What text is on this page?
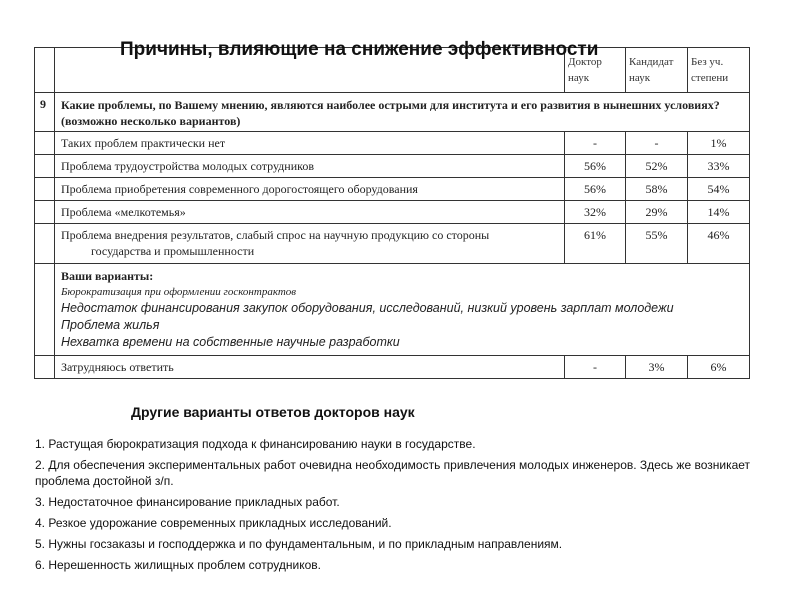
Причины, влияющие на снижение эффективности
		Доктор наук	Кандидат наук	Без уч. степени
9	Какие проблемы, по Вашему мнению, являются наиболее острыми для института и его развития в нынешних условиях? (возможно несколько вариантов)			
	Таких проблем практически нет	-	-	1%
	Проблема трудоустройства молодых сотрудников	56%	52%	33%
	Проблема приобретения современного дорогостоящего оборудования	56%	58%	54%
	Проблема «мелкотемья»	32%	29%	14%
	Проблема внедрения результатов, слабый спрос на научную продукцию со стороны
государства и промышленности	61%	55%	46%

	Ваши варианты:
Бюрократизация при оформлении госконтрактов
Недостаток финансирования закупок оборудования, исследований, низкий уровень зарплат молодежи
Проблема жилья
Нехватка времени на собственные научные разработки			

	Затрудняюсь ответить	-	3%	6%
Другие варианты ответов докторов наук
1. Растущая бюрократизация подхода к финансированию науки в государстве.
2. Для обеспечения экспериментальных работ очевидна необходимость привлечения молодых инженеров. Здесь же возникает проблема достойной з/п.
3. Недостаточное финансирование прикладных работ.
4. Резкое удорожание современных прикладных исследований.
5. Нужны госзаказы и господдержка и по фундаментальным, и по прикладным направлениям.
6. Нерешенность жилищных проблем сотрудников.
